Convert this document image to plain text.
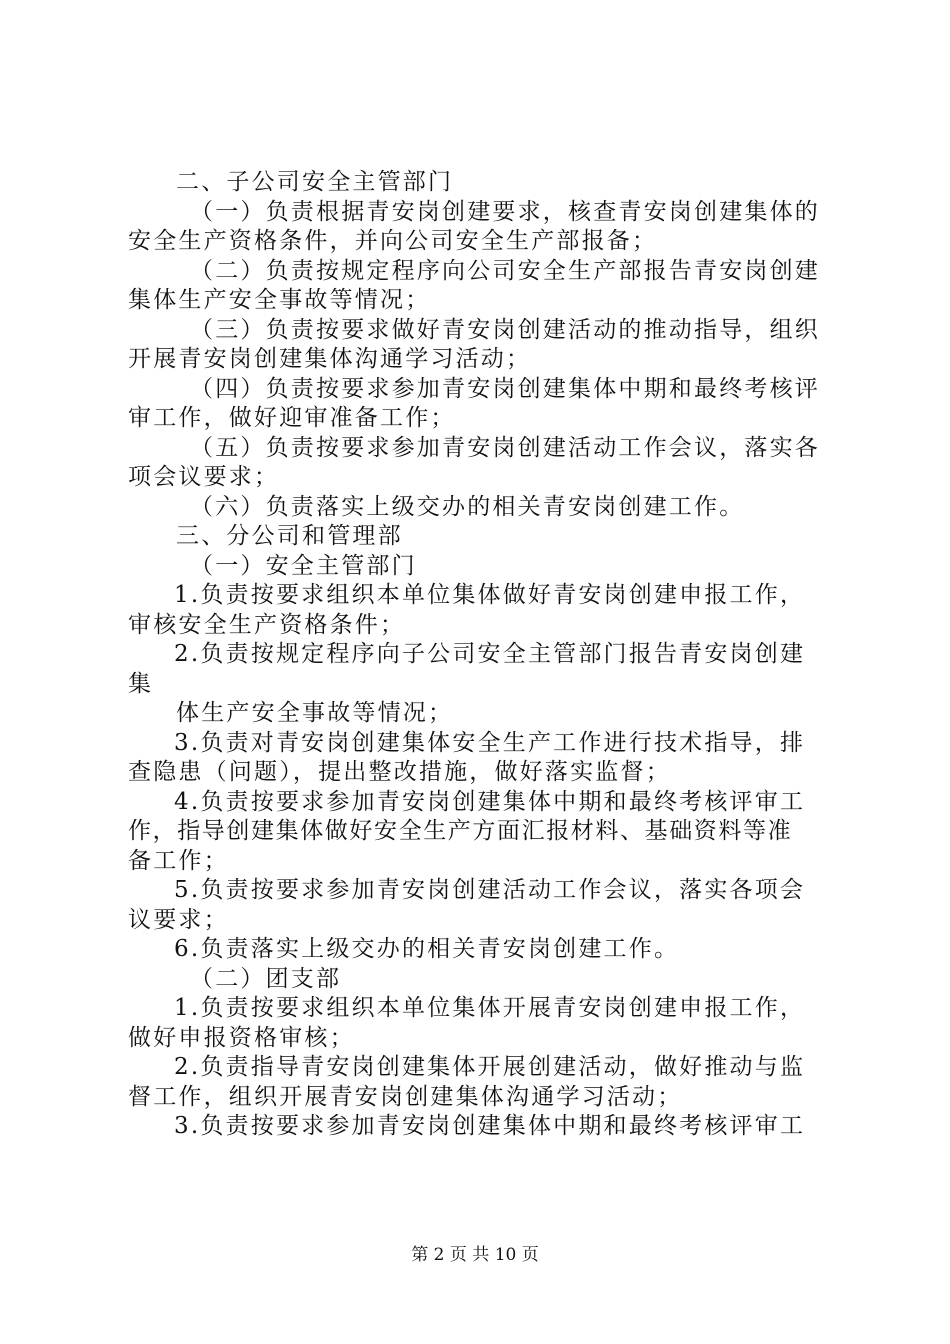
二、子公司安全主管部门
（一）负责根据青安岗创建要求，核查青安岗创建集体的
安全生产资格条件，并向公司安全生产部报备；
（二）负责按规定程序向公司安全生产部报告青安岗创建
集体生产安全事故等情况；
（三）负责按要求做好青安岗创建活动的推动指导，组织
开展青安岗创建集体沟通学习活动；
（四）负责按要求参加青安岗创建集体中期和最终考核评
审工作，做好迎审准备工作；
（五）负责按要求参加青安岗创建活动工作会议，落实各
项会议要求；
（六）负责落实上级交办的相关青安岗创建工作。
三、分公司和管理部
（一）安全主管部门
1.负责按要求组织本单位集体做好青安岗创建申报工作，
审核安全生产资格条件；
2.负责按规定程序向子公司安全主管部门报告青安岗创建
集
体生产安全事故等情况；
3.负责对青安岗创建集体安全生产工作进行技术指导，排
查隐患（问题），提出整改措施，做好落实监督；
4.负责按要求参加青安岗创建集体中期和最终考核评审工
作，指导创建集体做好安全生产方面汇报材料、基础资料等准
备工作；
5.负责按要求参加青安岗创建活动工作会议，落实各项会
议要求；
6.负责落实上级交办的相关青安岗创建工作。
（二）团支部
1.负责按要求组织本单位集体开展青安岗创建申报工作，
做好申报资格审核；
2.负责指导青安岗创建集体开展创建活动，做好推动与监
督工作，组织开展青安岗创建集体沟通学习活动；
3.负责按要求参加青安岗创建集体中期和最终考核评审工
第 2 页 共 10 页
